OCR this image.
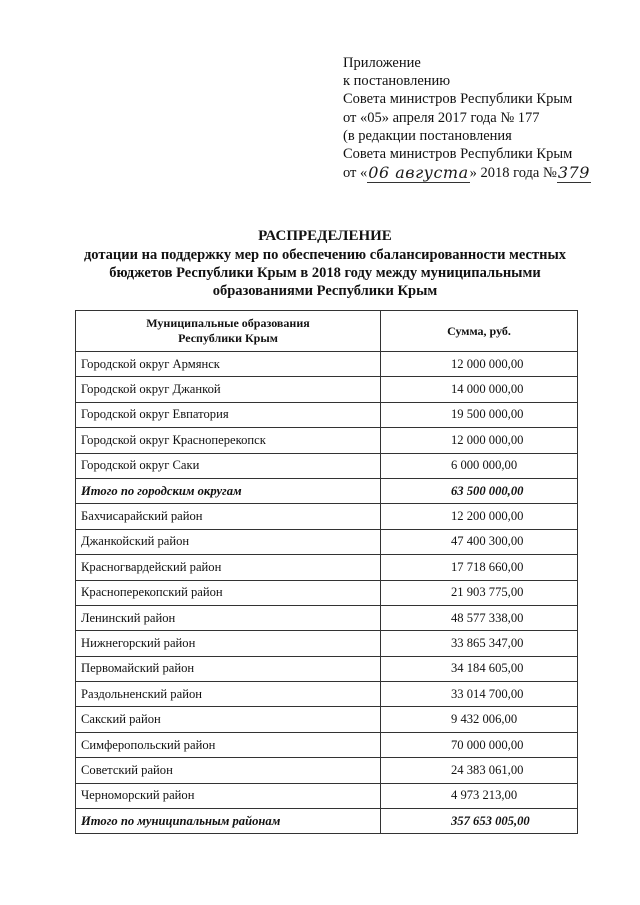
Приложение
к постановлению
Совета министров Республики Крым
от «05» апреля 2017 года № 177
(в редакции постановления
Совета министров Республики Крым
от «06 августа» 2018 года №379
РАСПРЕДЕЛЕНИЕ
дотации на поддержку мер по обеспечению сбалансированности местных
бюджетов Республики Крым в 2018 году между муниципальными
образованиями Республики Крым
Муниципальные образования
Республики Крым	Сумма, руб.
Городской округ Армянск	12 000 000,00
Городской округ Джанкой	14 000 000,00
Городской округ Евпатория	19 500 000,00
Городской округ Красноперекопск	12 000 000,00
Городской округ Саки	6 000 000,00
Итого по городским округам	63 500 000,00
Бахчисарайский район	12 200 000,00
Джанкойский район	47 400 300,00
Красногвардейский район	17 718 660,00
Красноперекопский район	21 903 775,00
Ленинский район	48 577 338,00
Нижнегорский район	33 865 347,00
Первомайский район	34 184 605,00
Раздольненский район	33 014 700,00
Сакский район	9 432 006,00
Симферопольский район	70 000 000,00
Советский район	24 383 061,00
Черноморский район	4 973 213,00
Итого по муниципальным районам	357 653 005,00
